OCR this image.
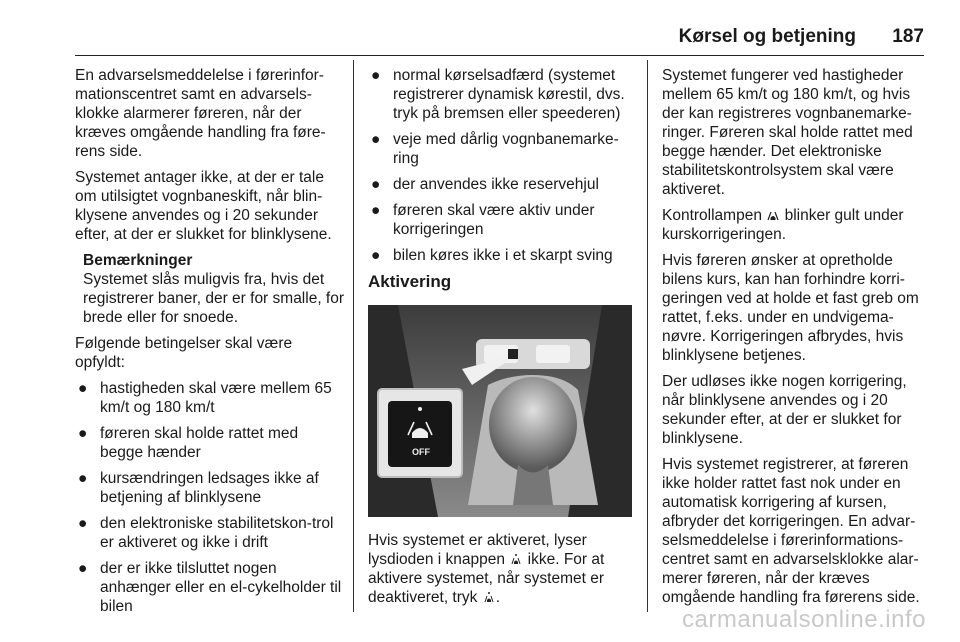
Kørsel og betjening 187

En advarselsmeddelelse i førerinfor-mationscentret samt en advarsels-klokke alarmerer føreren, når der kræves omgående handling fra føre-rens side.

Systemet antager ikke, at der er tale om utilsigtet vognbaneskift, når blin-klysene anvendes og i 20 sekunder efter, at der er slukket for blinklysene.

Bemærkninger
Systemet slås muligvis fra, hvis det registrerer baner, der er for smalle, for brede eller for snoede.

Følgende betingelser skal være opfyldt:

● hastigheden skal være mellem 65 km/t og 180 km/t
● føreren skal holde rattet med begge hænder
● kursændringen ledsages ikke af betjening af blinklysene
● den elektroniske stabilitetskon-trol er aktiveret og ikke i drift
● der er ikke tilsluttet nogen anhænger eller en el-cykelholder til bilen
● normal kørselsadfærd (systemet registrerer dynamisk kørestil, dvs. tryk på bremsen eller speederen)
● veje med dårlig vognbanemarke-ring
● der anvendes ikke reservehjul
● føreren skal være aktiv under korrigeringen
● bilen køres ikke i et skarpt sving
Aktivering
OFF

Hvis systemet er aktiveret, lyser lysdioden i knappen ikke. For at aktivere systemet, når systemet er deaktiveret, tryk .

Systemet fungerer ved hastigheder mellem 65 km/t og 180 km/t, og hvis der kan registreres vognbanemarke-ringer. Føreren skal holde rattet med begge hænder. Det elektroniske stabilitetskontrolsystem skal være aktiveret.

Kontrollampen blinker gult under kurskorrigeringen.

Hvis føreren ønsker at opretholde bilens kurs, kan han forhindre korri-geringen ved at holde et fast greb om rattet, f.eks. under en undvigema-nøvre. Korrigeringen afbrydes, hvis blinklysene betjenes.

Der udløses ikke nogen korrigering, når blinklysene anvendes og i 20 sekunder efter, at der er slukket for blinklysene.

Hvis systemet registrerer, at føreren ikke holder rattet fast nok under en automatisk korrigering af kursen, afbryder det korrigeringen. En advar-selsmeddelelse i førerinformations-centret samt en advarselsklokke alar-merer føreren, når der kræves omgående handling fra førerens side.

carmanualsonline.info
